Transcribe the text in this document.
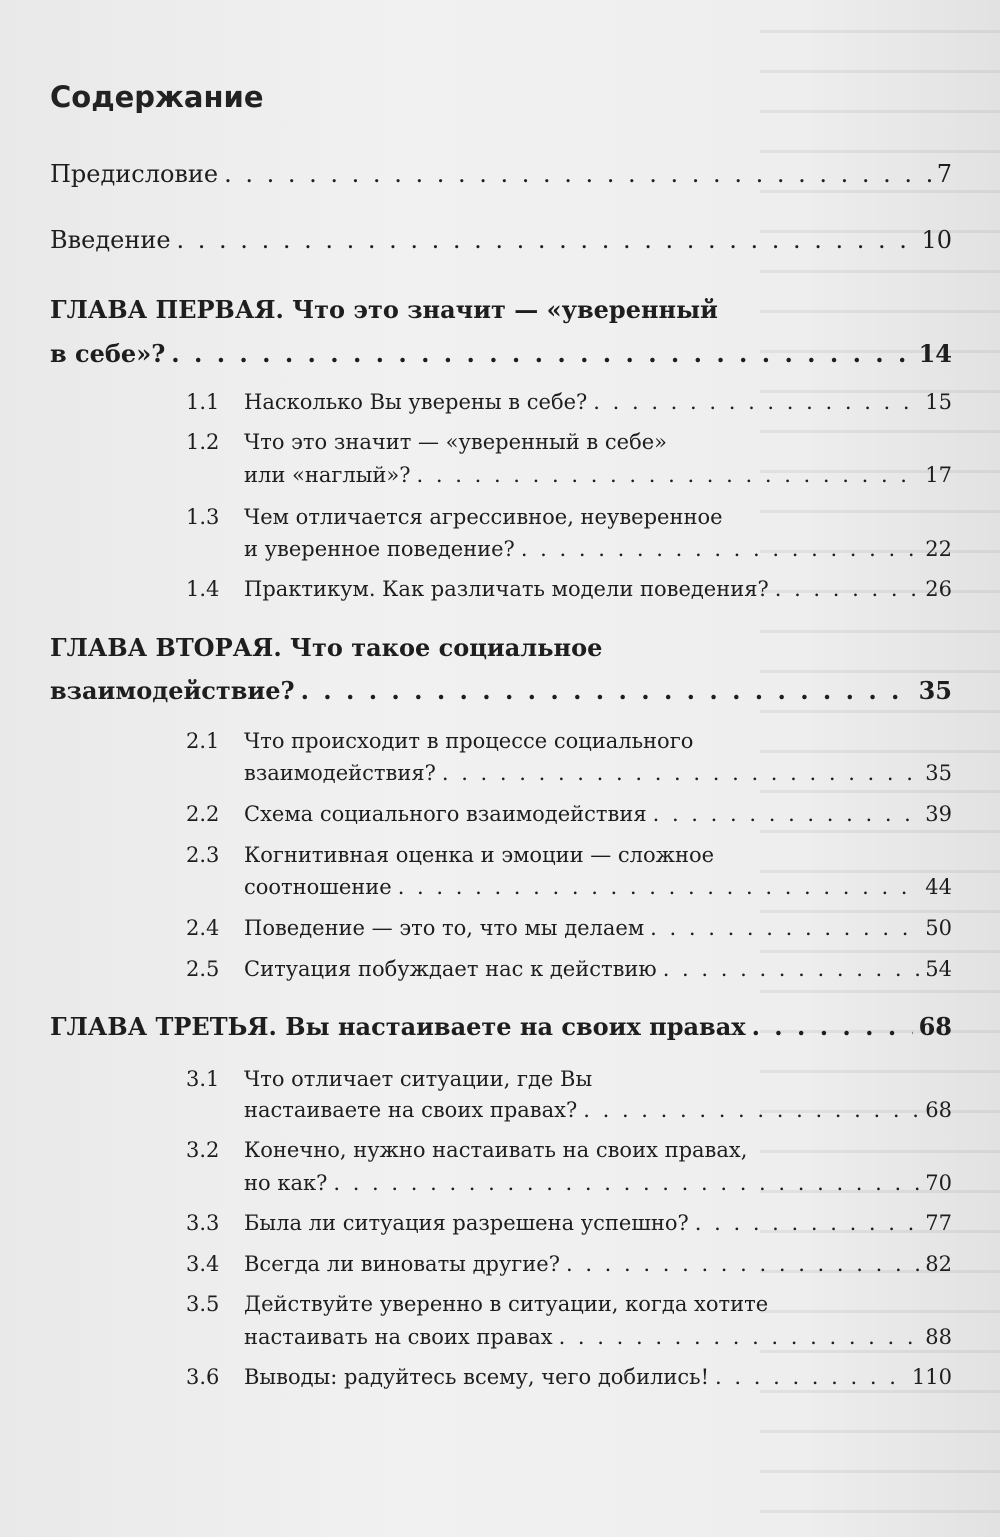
Содержание
Предисловие . . .	7
Введение . . .	10
ГЛАВА ПЕРВАЯ. Что это значит — «уверенный
в себе»? . . .	14
1.1	Насколько Вы уверены в себе? . . .	15
1.2	Что это значит — «уверенный в себе»
или «наглый»? . . .	17
1.3	Чем отличается агрессивное, неуверенное
и уверенное поведение? . . .	22
1.4	Практикум. Как различать модели поведения? . . .	26
ГЛАВА ВТОРАЯ. Что такое социальное
взаимодействие? . . .	35
2.1	Что происходит в процессе социального
взаимодействия? . . .	35
2.2	Схема социального взаимодействия . . .	39
2.3	Когнитивная оценка и эмоции — сложное
соотношение . . .	44
2.4	Поведение — это то, что мы делаем . . .	50
2.5	Ситуация побуждает нас к действию . . .	54
ГЛАВА ТРЕТЬЯ. Вы настаиваете на своих правах . . .	68
3.1	Что отличает ситуации, где Вы
настаиваете на своих правах? . . .	68
3.2	Конечно, нужно настаивать на своих правах,
но как? . . .	70
3.3	Была ли ситуация разрешена успешно? . . .	77
3.4	Всегда ли виноваты другие? . . .	82
3.5	Действуйте уверенно в ситуации, когда хотите
настаивать на своих правах . . .	88
3.6	Выводы: радуйтесь всему, чего добились! . . .	110
